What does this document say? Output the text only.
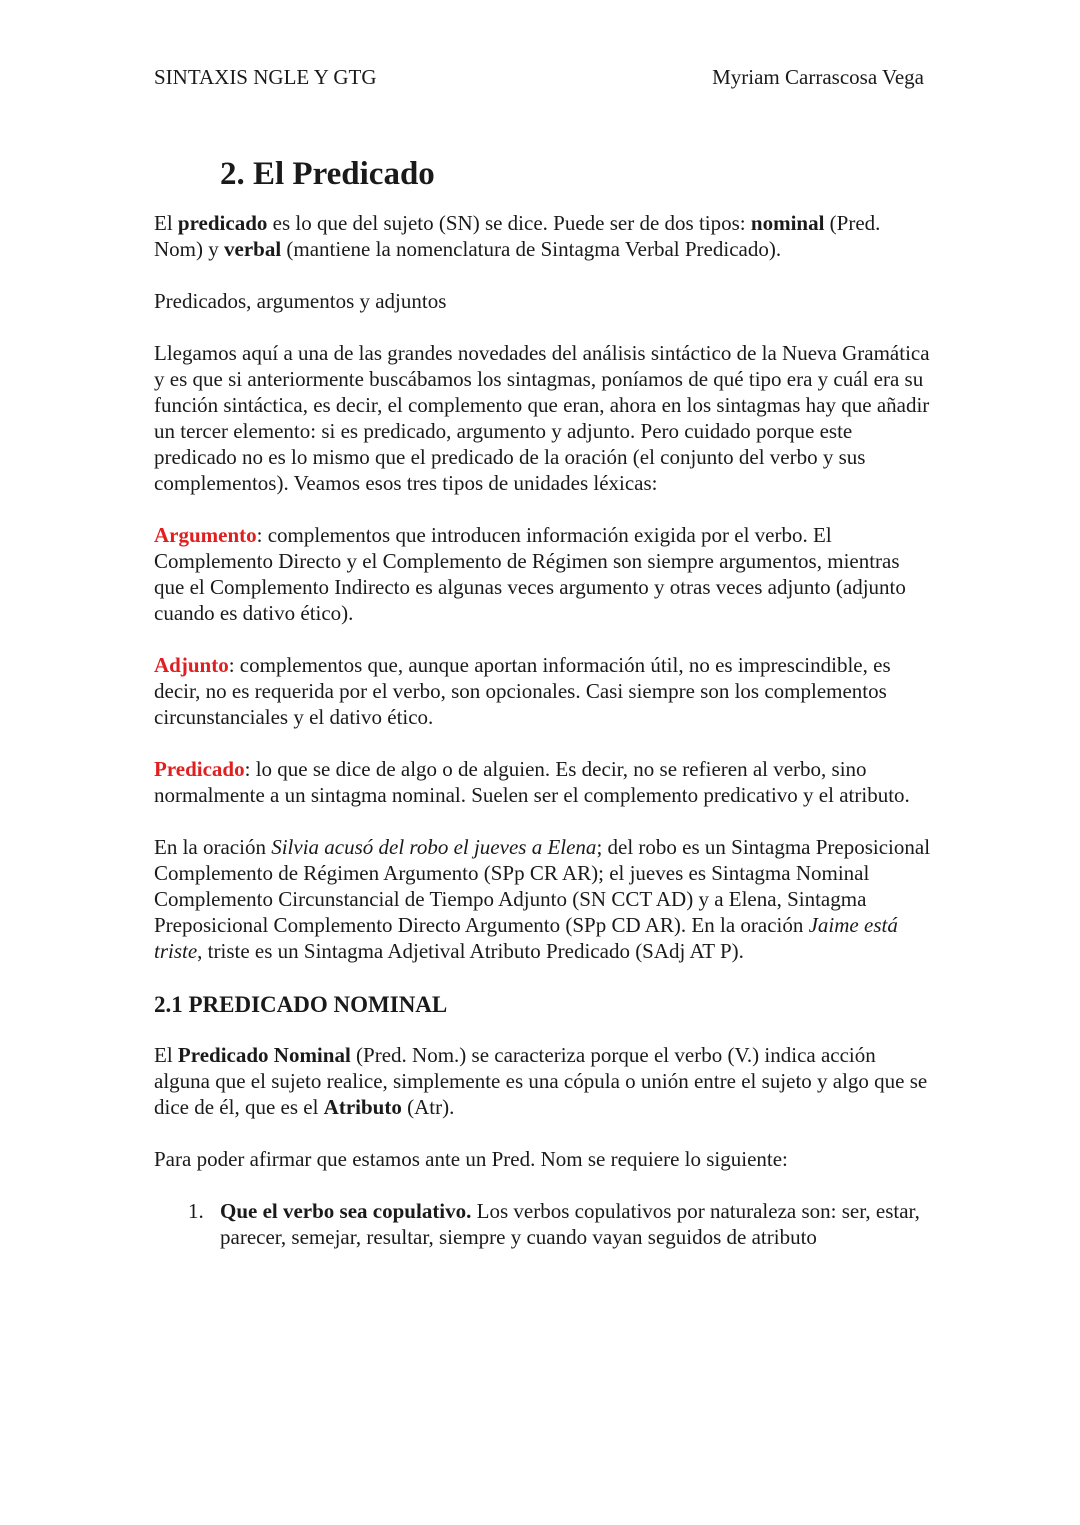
SINTAXIS NGLE Y GTG	Myriam Carrascosa Vega
2. El Predicado

El predicado es lo que del sujeto (SN) se dice. Puede ser de dos tipos: nominal (Pred. Nom) y verbal (mantiene la nomenclatura de Sintagma Verbal Predicado).

Predicados, argumentos y adjuntos

Llegamos aquí a una de las grandes novedades del análisis sintáctico de la Nueva Gramática y es que si anteriormente buscábamos los sintagmas, poníamos de qué tipo era y cuál era su función sintáctica, es decir, el complemento que eran, ahora en los sintagmas hay que añadir un tercer elemento: si es predicado, argumento y adjunto. Pero cuidado porque este predicado no es lo mismo que el predicado de la oración (el conjunto del verbo y sus complementos). Veamos esos tres tipos de unidades léxicas:

Argumento: complementos que introducen información exigida por el verbo. El Complemento Directo y el Complemento de Régimen son siempre argumentos, mientras que el Complemento Indirecto es algunas veces argumento y otras veces adjunto (adjunto cuando es dativo ético).

Adjunto: complementos que, aunque aportan información útil, no es imprescindible, es decir, no es requerida por el verbo, son opcionales. Casi siempre son los complementos circunstanciales y el dativo ético.

Predicado: lo que se dice de algo o de alguien. Es decir, no se refieren al verbo, sino normalmente a un sintagma nominal. Suelen ser el complemento predicativo y el atributo.

En la oración Silvia acusó del robo el jueves a Elena; del robo es un Sintagma Preposicional Complemento de Régimen Argumento (SPp CR AR); el jueves es Sintagma Nominal Complemento Circunstancial de Tiempo Adjunto (SN CCT AD) y a Elena, Sintagma Preposicional Complemento Directo Argumento (SPp CD AR). En la oración Jaime está triste, triste es un Sintagma Adjetival Atributo Predicado (SAdj AT P).

2.1 PREDICADO NOMINAL

El Predicado Nominal (Pred. Nom.) se caracteriza porque el verbo (V.) indica acción alguna que el sujeto realice, simplemente es una cópula o unión entre el sujeto y algo que se dice de él, que es el Atributo (Atr).

Para poder afirmar que estamos ante un Pred. Nom se requiere lo siguiente:

1. Que el verbo sea copulativo. Los verbos copulativos por naturaleza son: ser, estar, parecer, semejar, resultar, siempre y cuando vayan seguidos de atributo
